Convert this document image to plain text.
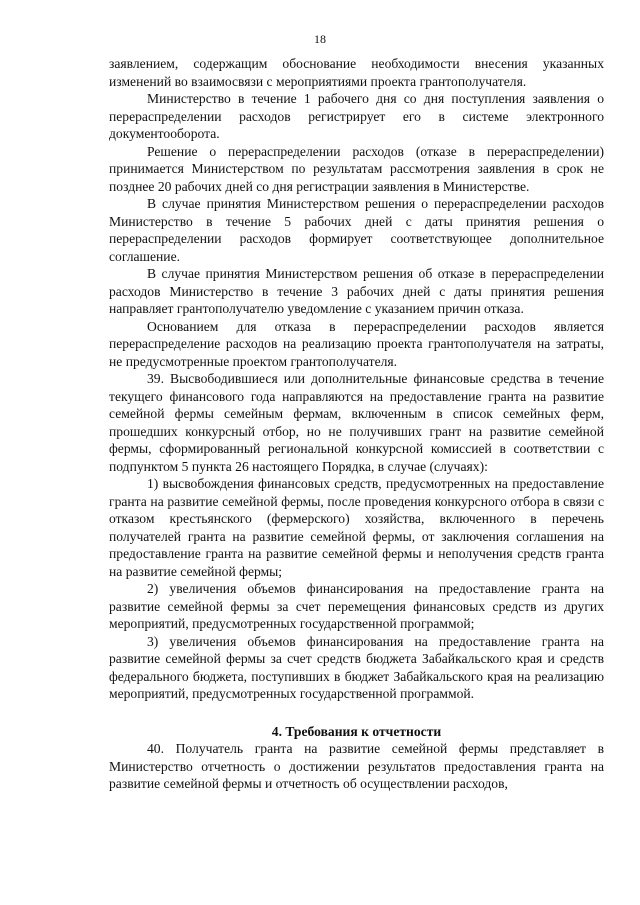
18

заявлением, содержащим обоснование необходимости внесения указанных изменений во взаимосвязи с мероприятиями проекта грантополучателя.

Министерство в течение 1 рабочего дня со дня поступления заявления о перераспределении расходов регистрирует его в системе электронного документооборота.

Решение о перераспределении расходов (отказе в перераспределении) принимается Министерством по результатам рассмотрения заявления в срок не позднее 20 рабочих дней со дня регистрации заявления в Министерстве.

В случае принятия Министерством решения о перераспределении расходов Министерство в течение 5 рабочих дней с даты принятия решения о перераспределении расходов формирует соответствующее дополнительное соглашение.

В случае принятия Министерством решения об отказе в перераспределении расходов Министерство в течение 3 рабочих дней с даты принятия решения направляет грантополучателю уведомление с указанием причин отказа.

Основанием для отказа в перераспределении расходов является перераспределение расходов на реализацию проекта грантополучателя на затраты, не предусмотренные проектом грантополучателя.

39. Высвободившиеся или дополнительные финансовые средства в течение текущего финансового года направляются на предоставление гранта на развитие семейной фермы семейным фермам, включенным в список семейных ферм, прошедших конкурсный отбор, но не получивших грант на развитие семейной фермы, сформированный региональной конкурсной комиссией в соответствии с подпунктом 5 пункта 26 настоящего Порядка, в случае (случаях):

1) высвобождения финансовых средств, предусмотренных на предоставление гранта на развитие семейной фермы, после проведения конкурсного отбора в связи с отказом крестьянского (фермерского) хозяйства, включенного в перечень получателей гранта на развитие семейной фермы, от заключения соглашения на предоставление гранта на развитие семейной фермы и неполучения средств гранта на развитие семейной фермы;

2) увеличения объемов финансирования на предоставление гранта на развитие семейной фермы за счет перемещения финансовых средств из других мероприятий, предусмотренных государственной программой;

3) увеличения объемов финансирования на предоставление гранта на развитие семейной фермы за счет средств бюджета Забайкальского края и средств федерального бюджета, поступивших в бюджет Забайкальского края на реализацию мероприятий, предусмотренных государственной программой.

4. Требования к отчетности

40. Получатель гранта на развитие семейной фермы представляет в Министерство отчетность о достижении результатов предоставления гранта на развитие семейной фермы и отчетность об осуществлении расходов,
